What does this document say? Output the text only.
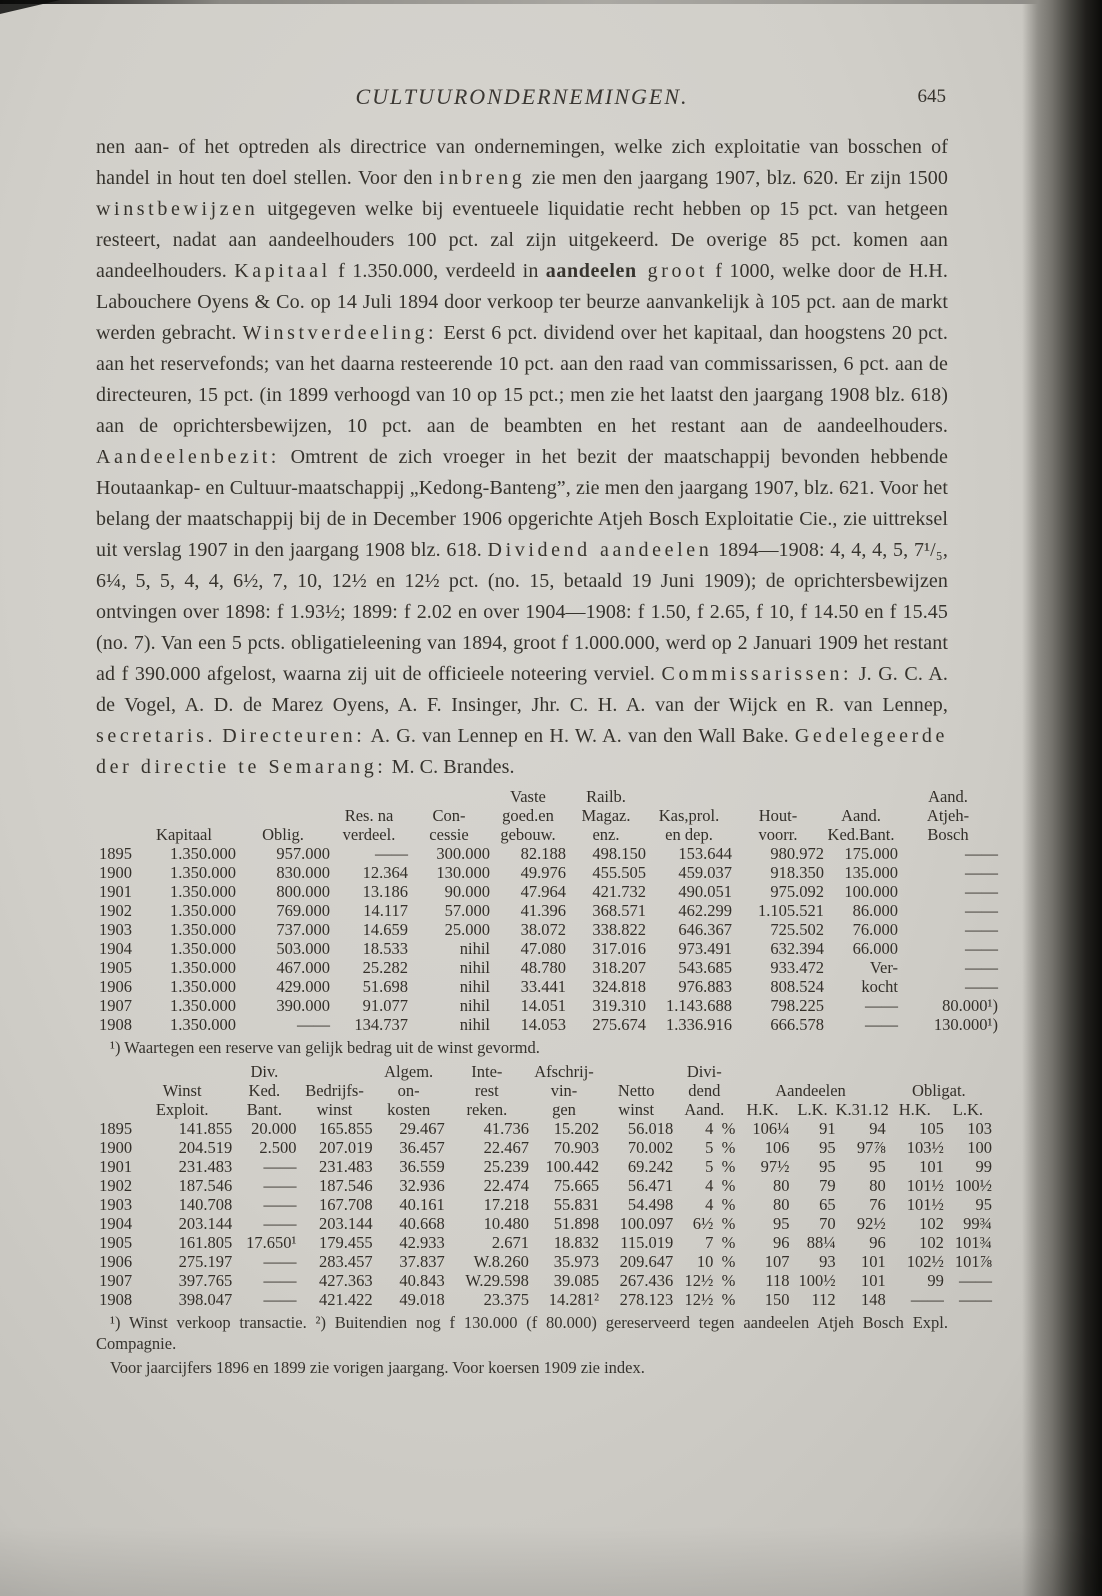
CULTUURONDERNEMINGEN.	645

nen aan- of het optreden als directrice van ondernemingen, welke zich exploitatie van bosschen of handel in hout ten doel stellen. Voor den inbreng zie men den jaargang 1907, blz. 620. Er zijn 1500 winstbewijzen uitgegeven welke bij eventueele liquidatie recht hebben op 15 pct. van hetgeen resteert, nadat aan aandeelhouders 100 pct. zal zijn uitgekeerd. De overige 85 pct. komen aan aandeelhouders. Kapitaal f 1.350.000, verdeeld in aandeelen groot f 1000, welke door de H.H. Labouchere Oyens & Co. op 14 Juli 1894 door verkoop ter beurze aanvankelijk à 105 pct. aan de markt werden gebracht. Winstverdeeling: Eerst 6 pct. dividend over het kapitaal, dan hoogstens 20 pct. aan het reservefonds; van het daarna resteerende 10 pct. aan den raad van commissarissen, 6 pct. aan de directeuren, 15 pct. (in 1899 verhoogd van 10 op 15 pct.; men zie het laatst den jaargang 1908 blz. 618) aan de oprichtersbewijzen, 10 pct. aan de beambten en het restant aan de aandeelhouders. Aandeelenbezit: Omtrent de zich vroeger in het bezit der maatschappij bevonden hebbende Houtaankap- en Cultuur-maatschappij „Kedong-Banteng”, zie men den jaargang 1907, blz. 621. Voor het belang der maatschappij bij de in December 1906 opgerichte Atjeh Bosch Exploitatie Cie., zie uittreksel uit verslag 1907 in den jaargang 1908 blz. 618. Dividend aandeelen 1894—1908: 4, 4, 4, 5, 7¹/₅, 6¼, 5, 5, 4, 4, 6½, 7, 10, 12½ en 12½ pct. (no. 15, betaald 19 Juni 1909); de oprichtersbewijzen ontvingen over 1898: f 1.93½; 1899: f 2.02 en over 1904—1908: f 1.50, f 2.65, f 10, f 14.50 en f 15.45 (no. 7). Van een 5 pcts. obligatieleening van 1894, groot f 1.000.000, werd op 2 Januari 1909 het restant ad f 390.000 afgelost, waarna zij uit de officieele noteering verviel. Commissarissen: J. G. C. A. de Vogel, A. D. de Marez Oyens, A. F. Insinger, Jhr. C. H. A. van der Wijck en R. van Lennep, secretaris. Directeuren: A. G. van Lennep en H. W. A. van den Wall Bake. Gedelegeerde der directie te Semarang: M. C. Brandes.

					Vaste	Railb.				Aand.
			Res. na	Con-	goed.en	Magaz.	Kas,prol.	Hout-	Aand.	Atjeh-
	Kapitaal	Oblig.	verdeel.	cessie	gebouw.	enz.	en dep.	voorr.	Ked.Bant.	Bosch
1895	1.350.000	957.000	——	300.000	82.188	498.150	153.644	980.972	175.000	——
1900	1.350.000	830.000	12.364	130.000	49.976	455.505	459.037	918.350	135.000	——
1901	1.350.000	800.000	13.186	90.000	47.964	421.732	490.051	975.092	100.000	——
1902	1.350.000	769.000	14.117	57.000	41.396	368.571	462.299	1.105.521	86.000	——
1903	1.350.000	737.000	14.659	25.000	38.072	338.822	646.367	725.502	76.000	——
1904	1.350.000	503.000	18.533	nihil	47.080	317.016	973.491	632.394	66.000	——
1905	1.350.000	467.000	25.282	nihil	48.780	318.207	543.685	933.472	Ver-	——
1906	1.350.000	429.000	51.698	nihil	33.441	324.818	976.883	808.524	kocht	——
1907	1.350.000	390.000	91.077	nihil	14.051	319.310	1.143.688	798.225	——	80.000¹)
1908	1.350.000	——	134.737	nihil	14.053	275.674	1.336.916	666.578	——	130.000¹)

¹) Waartegen een reserve van gelijk bedrag uit de winst gevormd.

		Div.		Algem.	Inte-	Afschrij-		Divi-					
	Winst	Ked.	Bedrijfs-	on-	rest	vin-	Netto	dend	Aandeelen			Obligat.	
	Exploit.	Bant.	winst	kosten	reken.	gen	winst	Aand.	H.K.	L.K.	K.31.12	H.K.	L.K.
1895	141.855	20.000	165.855	29.467	41.736	15.202	56.018	4  %	106¼	91	94	105	103
1900	204.519	2.500	207.019	36.457	22.467	70.903	70.002	5  %	106	95	97⅞	103½	100
1901	231.483	——	231.483	36.559	25.239	100.442	69.242	5  %	97½	95	95	101	99
1902	187.546	——	187.546	32.936	22.474	75.665	56.471	4  %	80	79	80	101½	100½
1903	140.708	——	167.708	40.161	17.218	55.831	54.498	4  %	80	65	76	101½	95
1904	203.144	——	203.144	40.668	10.480	51.898	100.097	6½  %	95	70	92½	102	99¾
1905	161.805	17.650¹	179.455	42.933	2.671	18.832	115.019	7  %	96	88¼	96	102	101¾
1906	275.197	——	283.457	37.837	W.8.260	35.973	209.647	10  %	107	93	101	102½	101⅞
1907	397.765	——	427.363	40.843	W.29.598	39.085	267.436	12½  %	118	100½	101	99	——
1908	398.047	——	421.422	49.018	23.375	14.281²	278.123	12½  %	150	112	148	——	——

¹) Winst verkoop transactie. ²) Buitendien nog f 130.000 (f 80.000) gereserveerd tegen aandeelen Atjeh Bosch Expl. Compagnie.

Voor jaarcijfers 1896 en 1899 zie vorigen jaargang. Voor koersen 1909 zie index.
